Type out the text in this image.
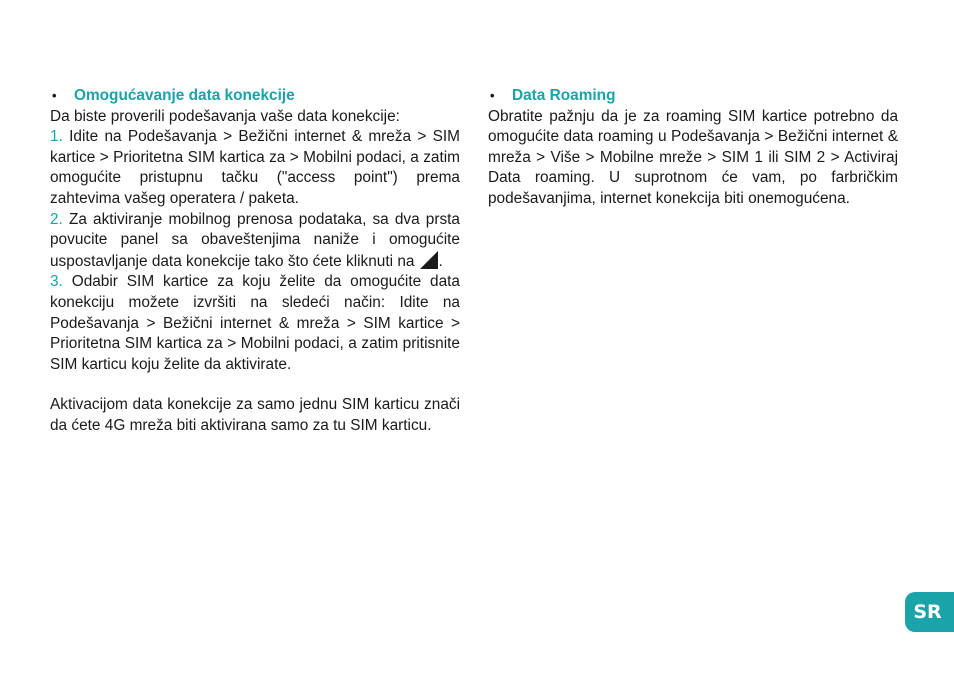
•	Omogućavanje data konekcije

Da biste proverili podešavanja vaše data konekcije:

1. Idite na Podešavanja > Bežični internet & mreža > SIM kartice > Prioritetna SIM kartica za > Mobilni podaci, a zatim omogućite pristupnu tačku ("access point") prema zahtevima vašeg operatera / paketa.

2. Za aktiviranje mobilnog prenosa podataka, sa dva prsta povucite panel sa obaveštenjima naniže i omogućite uspostavljanje data konekcije tako što ćete kliknuti na .

3. Odabir SIM kartice za koju želite da omogućite data konekciju možete izvršiti na sledeći način: Idite na Podešavanja > Bežični internet & mreža > SIM kartice > Prioritetna SIM kartica za > Mobilni podaci, a zatim pritisnite SIM karticu koju želite da aktivirate.

Aktivacijom data konekcije za samo jednu SIM karticu znači da ćete 4G mreža biti aktivirana samo za tu SIM karticu.

•	Data Roaming

Obratite pažnju da je za roaming SIM kartice potrebno da omogućite data roaming u Podešavanja > Bežični internet & mreža > Više > Mobilne mreže > SIM 1 ili SIM 2 > Activiraj Data roaming. U suprotnom će vam, po farbričkim podešavanjima, internet konekcija biti onemogućena.

SR
